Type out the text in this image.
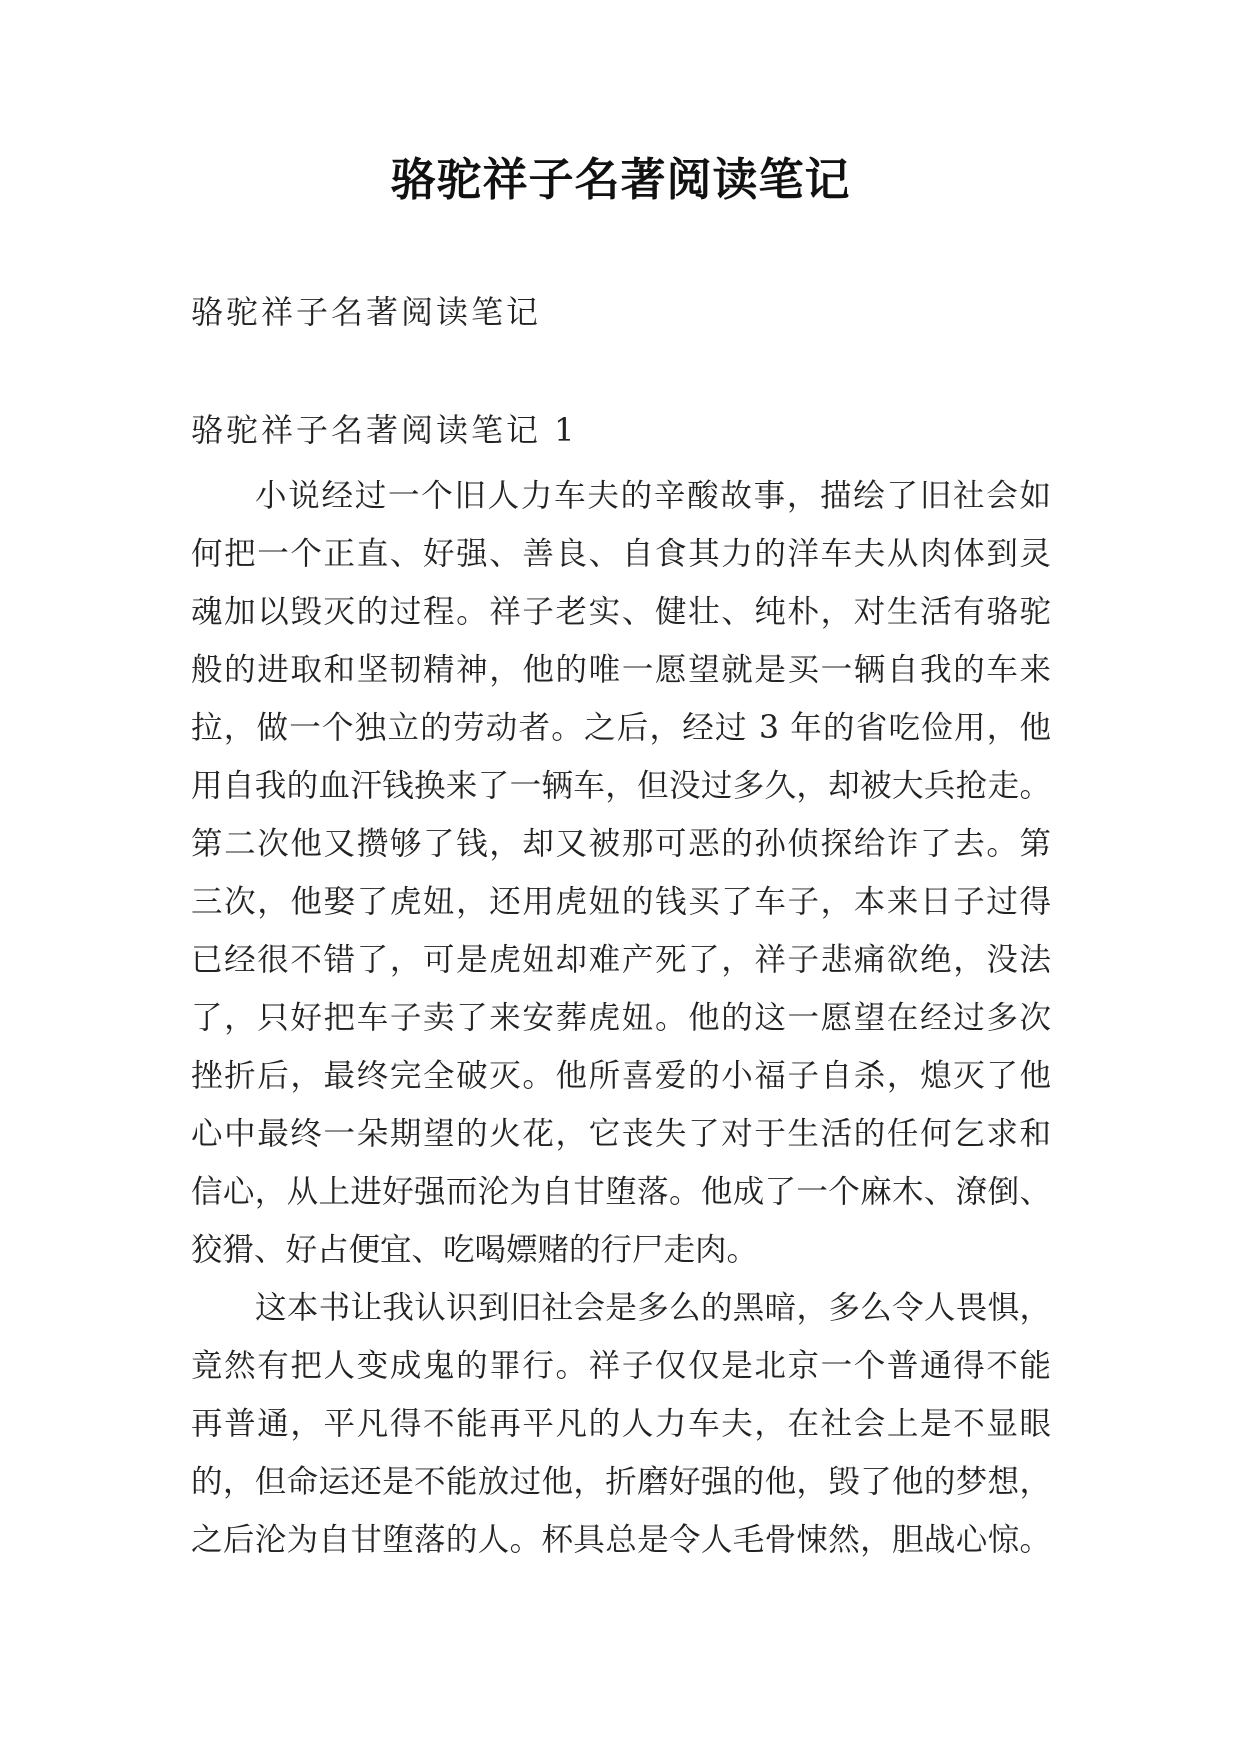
骆驼祥子名著阅读笔记
骆驼祥子名著阅读笔记
骆驼祥子名著阅读笔记 1
小说经过一个旧人力车夫的辛酸故事，描绘了旧社会如
何把一个正直、好强、善良、自食其力的洋车夫从肉体到灵
魂加以毁灭的过程。祥子老实、健壮、纯朴，对生活有骆驼
般的进取和坚韧精神，他的唯一愿望就是买一辆自我的车来
拉，做一个独立的劳动者。之后，经过 3 年的省吃俭用，他
用自我的血汗钱换来了一辆车，但没过多久，却被大兵抢走。
第二次他又攒够了钱，却又被那可恶的孙侦探给诈了去。第
三次，他娶了虎妞，还用虎妞的钱买了车子，本来日子过得
已经很不错了，可是虎妞却难产死了，祥子悲痛欲绝，没法
了，只好把车子卖了来安葬虎妞。他的这一愿望在经过多次
挫折后，最终完全破灭。他所喜爱的小福子自杀，熄灭了他
心中最终一朵期望的火花，它丧失了对于生活的任何乞求和
信心，从上进好强而沦为自甘堕落。他成了一个麻木、潦倒、
狡猾、好占便宜、吃喝嫖赌的行尸走肉。
这本书让我认识到旧社会是多么的黑暗，多么令人畏惧，
竟然有把人变成鬼的罪行。祥子仅仅是北京一个普通得不能
再普通，平凡得不能再平凡的人力车夫，在社会上是不显眼
的，但命运还是不能放过他，折磨好强的他，毁了他的梦想，
之后沦为自甘堕落的人。杯具总是令人毛骨悚然，胆战心惊。
